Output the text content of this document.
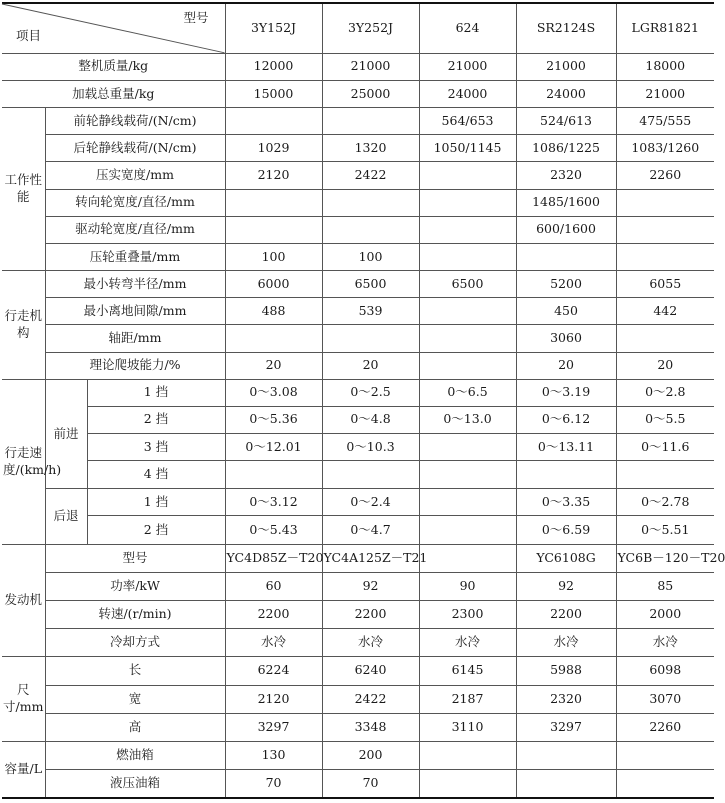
型号
项目			3Y152J	3Y252J	624	SR2124S	LGR81821
整机质量/kg			12000	21000	21000	21000	18000
加载总重量/kg			15000	25000	24000	24000	21000
工作性能	前轮静线载荷/(N/cm)				564/653	524/613	475/555
	后轮静线载荷/(N/cm)		1029	1320	1050/1145	1086/1225	1083/1260
	压实宽度/mm		2120	2422		2320	2260
	转向轮宽度/直径/mm					1485/1600	
	驱动轮宽度/直径/mm					600/1600	
	压轮重叠量/mm		100	100			
行走机构	最小转弯半径/mm		6000	6500	6500	5200	6055
	最小离地间隙/mm		488	539		450	442
	轴距/mm					3060	
	理论爬坡能力/%		20	20		20	20
行走速度/(km/h)	前进	1 挡	0～3.08	0～2.5	0～6.5	0～3.19	0～2.8
		2 挡	0～5.36	0～4.8	0～13.0	0～6.12	0～5.5
		3 挡	0～12.01	0～10.3		0～13.11	0～11.6
		4 挡					
	后退	1 挡	0～3.12	0～2.4		0～3.35	0～2.78
		2 挡	0～5.43	0～4.7		0～6.59	0～5.51
发动机	型号		YC4D85Z－T20	YC4A125Z－T21		YC6108G	YC6B－120－T20
	功率/kW		60	92	90	92	85
	转速/(r/min)		2200	2200	2300	2200	2000
	冷却方式		水冷	水冷	水冷	水冷	水冷
尺寸/mm	长		6224	6240	6145	5988	6098
	宽		2120	2422	2187	2320	3070
	高		3297	3348	3110	3297	2260
容量/L	燃油箱		130	200			
	液压油箱		70	70			
